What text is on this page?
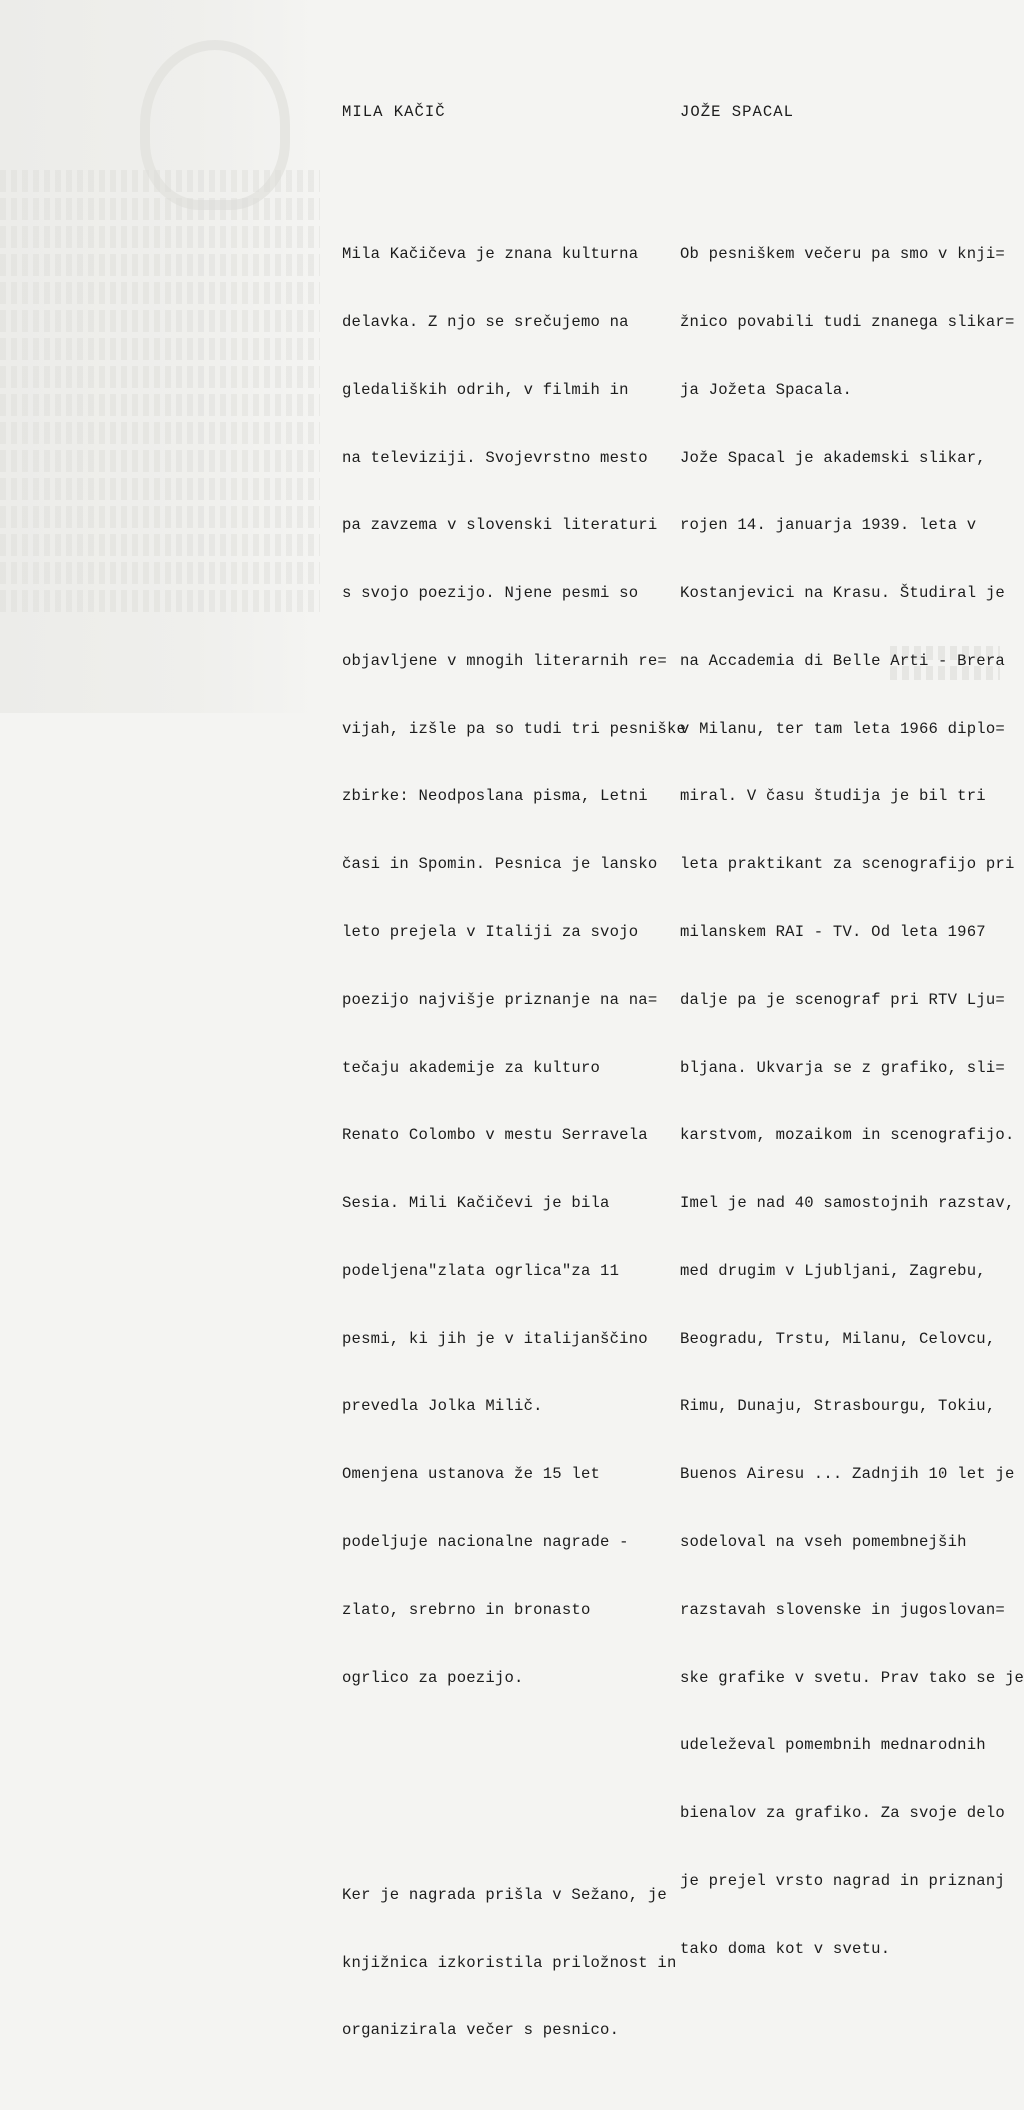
MILA KAČIČ

Mila Kačičeva je znana kulturna

delavka. Z njo se srečujemo na

gledaliških odrih, v filmih in

na televiziji. Svojevrstno mesto

pa zavzema v slovenski literaturi

s svojo poezijo. Njene pesmi so

objavljene v mnogih literarnih re=

vijah, izšle pa so tudi tri pesniške

zbirke: Neodposlana pisma, Letni

časi in Spomin. Pesnica je lansko

leto prejela v Italiji za svojo

poezijo najvišje priznanje na na=

tečaju akademije za kulturo

Renato Colombo v mestu Serravela

Sesia. Mili Kačičevi je bila

podeljena"zlata ogrlica"za 11

pesmi, ki jih je v italijanščino

prevedla Jolka Milič.

Omenjena ustanova že 15 let

podeljuje nacionalne nagrade -

zlato, srebrno in bronasto

ogrlico za poezijo.

Ker je nagrada prišla v Sežano, je

knjižnica izkoristila priložnost in

organizirala večer s pesnico.

JOŽE SPACAL

Ob pesniškem večeru pa smo v knji=

žnico povabili tudi znanega slikar=

ja Jožeta Spacala.

Jože Spacal je akademski slikar,

rojen 14. januarja 1939. leta v

Kostanjevici na Krasu. Študiral je

na Accademia di Belle Arti - Brera

v Milanu, ter tam leta 1966 diplo=

miral. V času študija je bil tri

leta praktikant za scenografijo pri

milanskem RAI - TV. Od leta 1967

dalje pa je scenograf pri RTV Lju=

bljana. Ukvarja se z grafiko, sli=

karstvom, mozaikom in scenografijo.

Imel je nad 40 samostojnih razstav,

med drugim v Ljubljani, Zagrebu,

Beogradu, Trstu, Milanu, Celovcu,

Rimu, Dunaju, Strasbourgu, Tokiu,

Buenos Airesu ... Zadnjih 10 let je

sodeloval na vseh pomembnejših

razstavah slovenske in jugoslovan=

ske grafike v svetu. Prav tako se je

udeleževal pomembnih mednarodnih

bienalov za grafiko. Za svoje delo

je prejel vrsto nagrad in priznanj

tako doma kot v svetu.
